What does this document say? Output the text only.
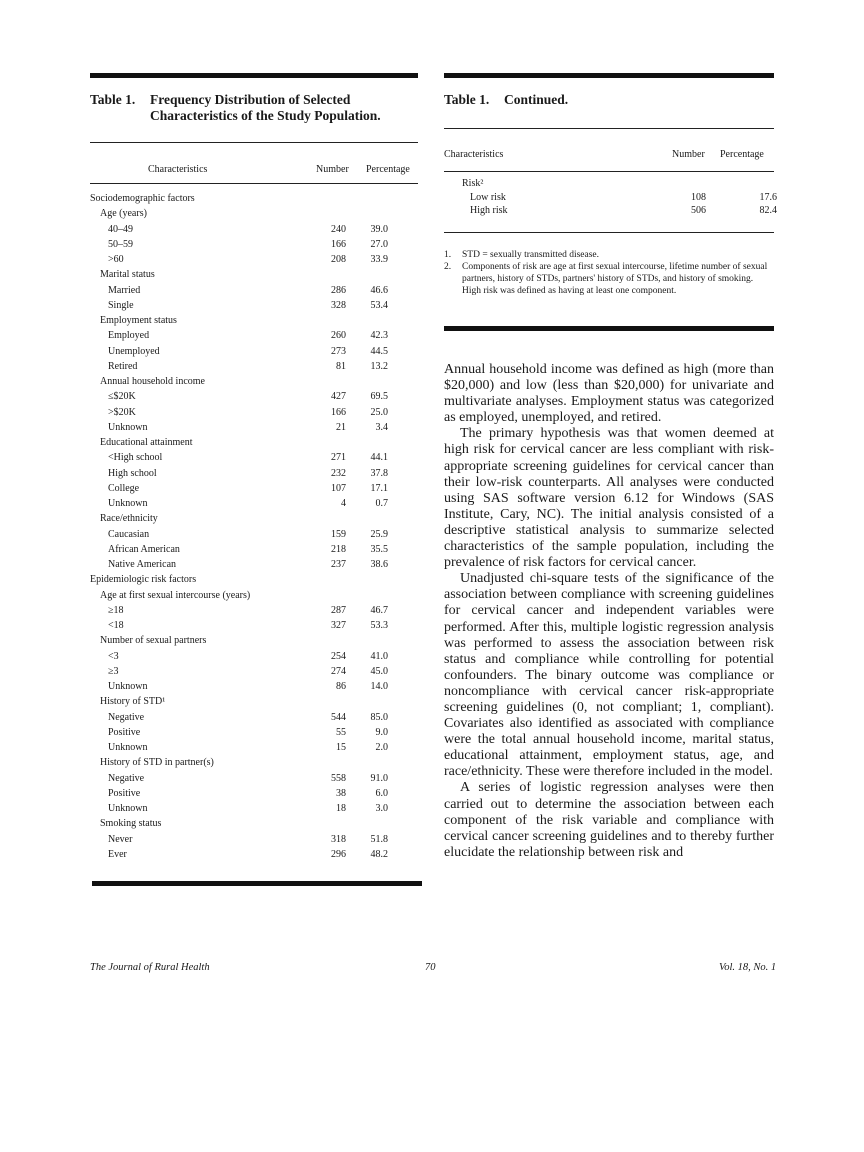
Table 1. Frequency Distribution of Selected
Characteristics of the Study Population.
Characteristics	Number Percentage
Sociodemographic factors
Age (years)
40–49	240	39.0
50–59	166	27.0
>60	208	33.9
Marital status
Married	286	46.6
Single	328	53.4
Employment status
Employed	260	42.3
Unemployed	273	44.5
Retired	81	13.2
Annual household income
≤$20K	427	69.5
>$20K	166	25.0
Unknown	21	3.4
Educational attainment
<High school	271	44.1
High school	232	37.8
College	107	17.1
Unknown	4	0.7
Race/ethnicity
Caucasian	159	25.9
African American	218	35.5
Native American	237	38.6
Epidemiologic risk factors
Age at first sexual intercourse (years)
≥18	287	46.7
<18	327	53.3
Number of sexual partners
<3	254	41.0
≥3	274	45.0
Unknown	86	14.0
History of STD¹
Negative	544	85.0
Positive	55	9.0
Unknown	15	2.0
History of STD in partner(s)
Negative	558	91.0
Positive	38	6.0
Unknown	18	3.0
Smoking status
Never	318	51.8
Ever	296	48.2
Table 1. Continued.
Characteristics	Number Percentage
Risk²
Low risk	108	17.6
High risk	506	82.4
1.	STD = sexually transmitted disease.
2.	Components of risk are age at first sexual intercourse, lifetime number of sexual partners, history of STDs, partners' history of STDs, and history of smoking. High risk was defined as having at least one component.

Annual household income was defined as high (more than $20,000) and low (less than $20,000) for univariate and multivariate analyses. Employment status was categorized as employed, unemployed, and retired.

The primary hypothesis was that women deemed at high risk for cervical cancer are less compliant with risk-appropriate screening guidelines for cervical cancer than their low-risk counterparts. All analyses were conducted using SAS software version 6.12 for Windows (SAS Institute, Cary, NC). The initial analysis consisted of a descriptive statistical analysis to summarize selected characteristics of the sample population, including the prevalence of risk factors for cervical cancer.

Unadjusted chi-square tests of the significance of the association between compliance with screening guidelines for cervical cancer and independent variables were performed. After this, multiple logistic regression analysis was performed to assess the association between risk status and compliance while controlling for potential confounders. The binary outcome was compliance or noncompliance with cervical cancer risk-appropriate screening guidelines (0, not compliant; 1, compliant). Covariates also identified as associated with compliance were the total annual household income, marital status, educational attainment, employment status, age, and race/ethnicity. These were therefore included in the model.

A series of logistic regression analyses were then carried out to determine the association between each component of the risk variable and compliance with cervical cancer screening guidelines and to thereby further elucidate the relationship between risk and

The Journal of Rural Health	70	Vol. 18, No. 1
